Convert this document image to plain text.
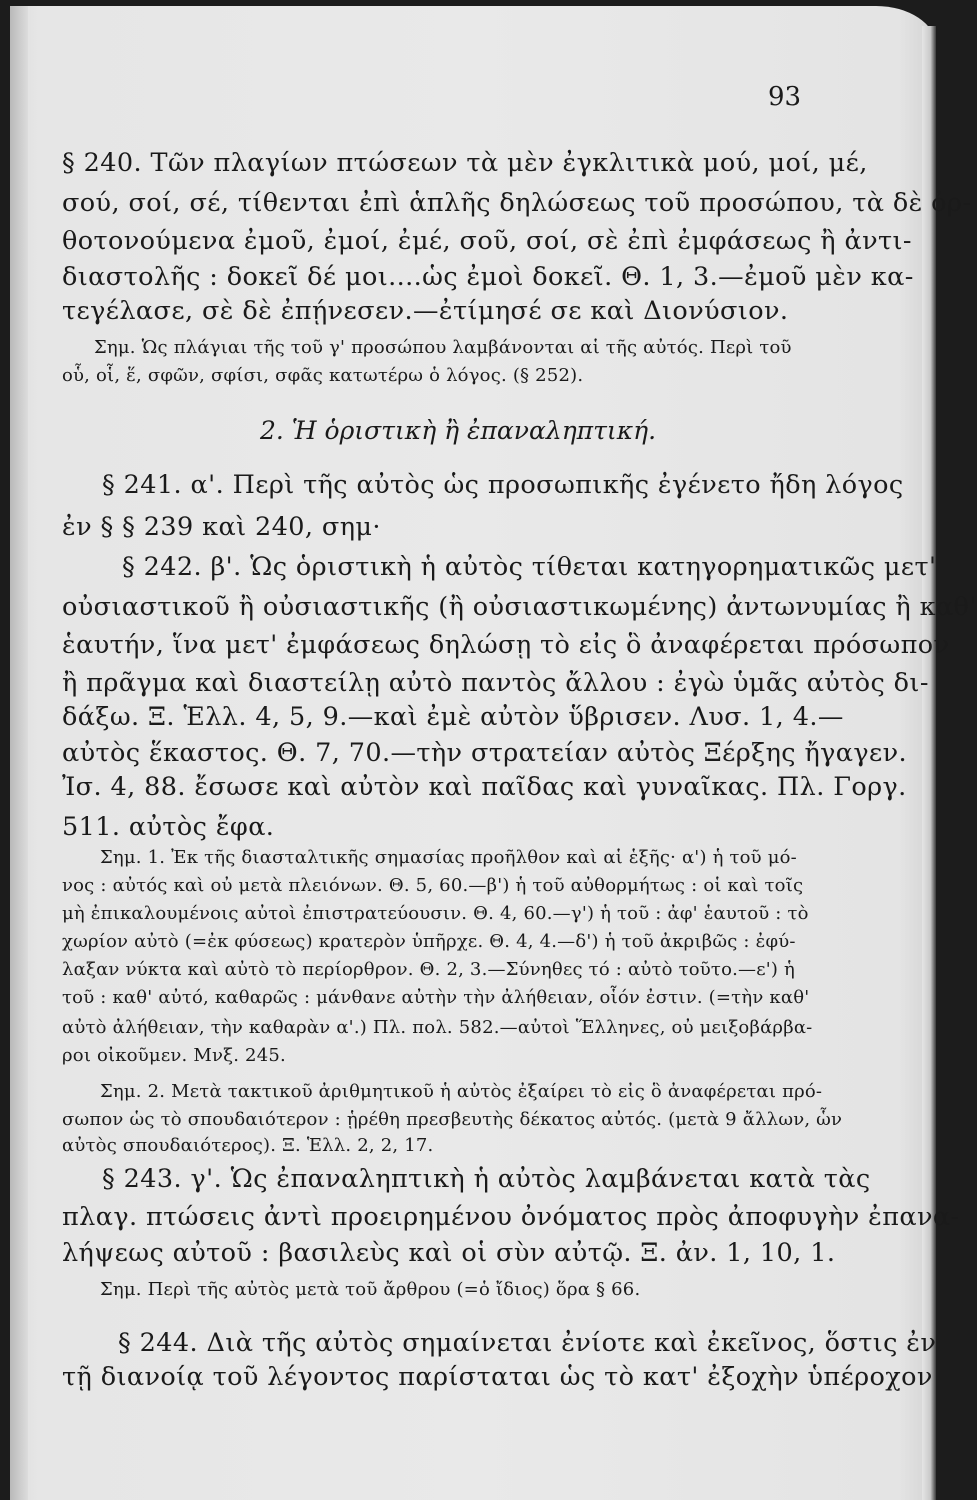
93
§ 240. Τῶν πλαγίων πτώσεων τὰ μὲν ἐγκλιτικὰ μού, μοί, μέ,
σού, σοί, σέ, τίθενται ἐπὶ ἁπλῆς δηλώσεως τοῦ προσώπου, τὰ δὲ ὀρ-
θοτονούμενα ἐμοῦ, ἐμοί, ἐμέ, σοῦ, σοί, σὲ ἐπὶ ἐμφάσεως ἢ ἀντι-
διαστολῆς : δοκεῖ δέ μοι....ὡς ἐμοὶ δοκεῖ. Θ. 1, 3.—ἐμοῦ μὲν κα-
τεγέλασε, σὲ δὲ ἐπῄνεσεν.—ἐτίμησέ σε καὶ Διονύσιον.
Σημ. Ὡς πλάγιαι τῆς τοῦ γ' προσώπου λαμβάνονται αἱ τῆς αὐτός. Περὶ τοῦ
οὗ, οἷ, ἕ, σφῶν, σφίσι, σφᾶς κατωτέρω ὁ λόγος. (§ 252).
2. Ἡ ὁριστικὴ ἢ ἐπαναληπτική.
§ 241. α'. Περὶ τῆς αὐτὸς ὡς προσωπικῆς ἐγένετο ἤδη λόγος
ἐν § § 239 καὶ 240, σημ·
§ 242. β'. Ὡς ὁριστικὴ ἡ αὐτὸς τίθεται κατηγορηματικῶς μετ'
οὐσιαστικοῦ ἢ οὐσιαστικῆς (ἢ οὐσιαστικωμένης) ἀντωνυμίας ἢ καθ'
ἑαυτήν, ἵνα μετ' ἐμφάσεως δηλώσῃ τὸ εἰς ὃ ἀναφέρεται πρόσωπον
ἢ πρᾶγμα καὶ διαστείλῃ αὐτὸ παντὸς ἄλλου : ἐγὼ ὑμᾶς αὐτὸς δι-
δάξω. Ξ. Ἑλλ. 4, 5, 9.—καὶ ἐμὲ αὐτὸν ὕβρισεν. Λυσ. 1, 4.—
αὐτὸς ἕκαστος. Θ. 7, 70.—τὴν στρατείαν αὐτὸς Ξέρξης ἤγαγεν.
Ἰσ. 4, 88. ἔσωσε καὶ αὐτὸν καὶ παῖδας καὶ γυναῖκας. Πλ. Γοργ.
511. αὐτὸς ἔφα.
Σημ. 1. Ἐκ τῆς διασταλτικῆς σημασίας προῆλθον καὶ αἱ ἑξῆς· α') ἡ τοῦ μό-
νος : αὐτός καὶ οὐ μετὰ πλειόνων. Θ. 5, 60.—β') ἡ τοῦ αὐθορμήτως : οἱ καὶ τοῖς
μὴ ἐπικαλουμένοις αὐτοὶ ἐπιστρατεύουσιν. Θ. 4, 60.—γ') ἡ τοῦ : ἀφ' ἑαυτοῦ : τὸ
χωρίον αὐτὸ (=ἐκ φύσεως) κρατερὸν ὑπῆρχε. Θ. 4, 4.—δ') ἡ τοῦ ἀκριβῶς : ἐφύ-
λαξαν νύκτα καὶ αὐτὸ τὸ περίορθρον. Θ. 2, 3.—Σύνηθες τό : αὐτὸ τοῦτο.—ε') ἡ
τοῦ : καθ' αὐτό, καθαρῶς : μάνθανε αὐτὴν τὴν ἀλήθειαν, οἷόν ἐστιν. (=τὴν καθ'
αὐτὸ ἀλήθειαν, τὴν καθαρὰν α'.) Πλ. πολ. 582.—αὐτοὶ Ἕλληνες, οὐ μειξοβάρβα-
ροι οἰκοῦμεν. Μνξ. 245.
Σημ. 2. Μετὰ τακτικοῦ ἀριθμητικοῦ ἡ αὐτὸς ἐξαίρει τὸ εἰς ὃ ἀναφέρεται πρό-
σωπον ὡς τὸ σπουδαιότερον : ᾑρέθη πρεσβευτὴς δέκατος αὐτός. (μετὰ 9 ἄλλων, ὧν
αὐτὸς σπουδαιότερος). Ξ. Ἑλλ. 2, 2, 17.
§ 243. γ'. Ὡς ἐπαναληπτικὴ ἡ αὐτὸς λαμβάνεται κατὰ τὰς
πλαγ. πτώσεις ἀντὶ προειρημένου ὀνόματος πρὸς ἀποφυγὴν ἐπανα-
λήψεως αὐτοῦ : βασιλεὺς καὶ οἱ σὺν αὐτῷ. Ξ. ἀν. 1, 10, 1.
Σημ. Περὶ τῆς αὐτὸς μετὰ τοῦ ἄρθρου (=ὁ ἴδιος) ὅρα § 66.
§ 244. Διὰ τῆς αὐτὸς σημαίνεται ἐνίοτε καὶ ἐκεῖνος, ὅστις ἐν
τῇ διανοίᾳ τοῦ λέγοντος παρίσταται ὡς τὸ κατ' ἐξοχὴν ὑπέροχον
